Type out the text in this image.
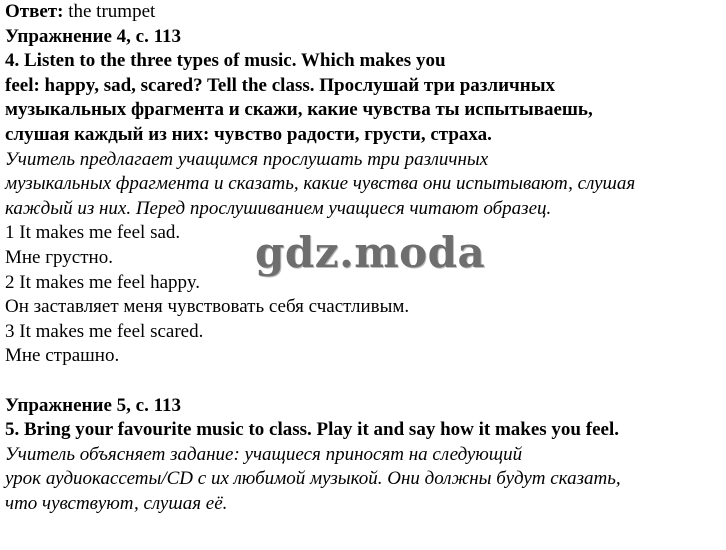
Ответ: the trumpet
Упражнение 4, с. 113
4. Listen to the three types of music. Which makes you
feel: happy, sad, scared? Tell the class. Прослушай три различных
музыкальных фрагмента и скажи, какие чувства ты испытываешь,
слушая каждый из них: чувство радости, грусти, страха.
Учитель предлагает учащимся прослушать три различных
музыкальных фрагмента и сказать, какие чувства они испытывают, слушая
каждый из них. Перед прослушиванием учащиеся читают образец.
1 It makes me feel sad.
Мне грустно.
2 It makes me feel happy.
Он заставляет меня чувствовать себя счастливым.
3 It makes me feel scared.
Мне страшно.
Упражнение 5, с. 113
5. Bring your favourite music to class. Play it and say how it makes you feel.
Учитель объясняет задание: учащиеся приносят на следующий
урок аудиокассеты/CD с их любимой музыкой. Они должны будут сказать,
что чувствуют, слушая её.
gdz.moda
